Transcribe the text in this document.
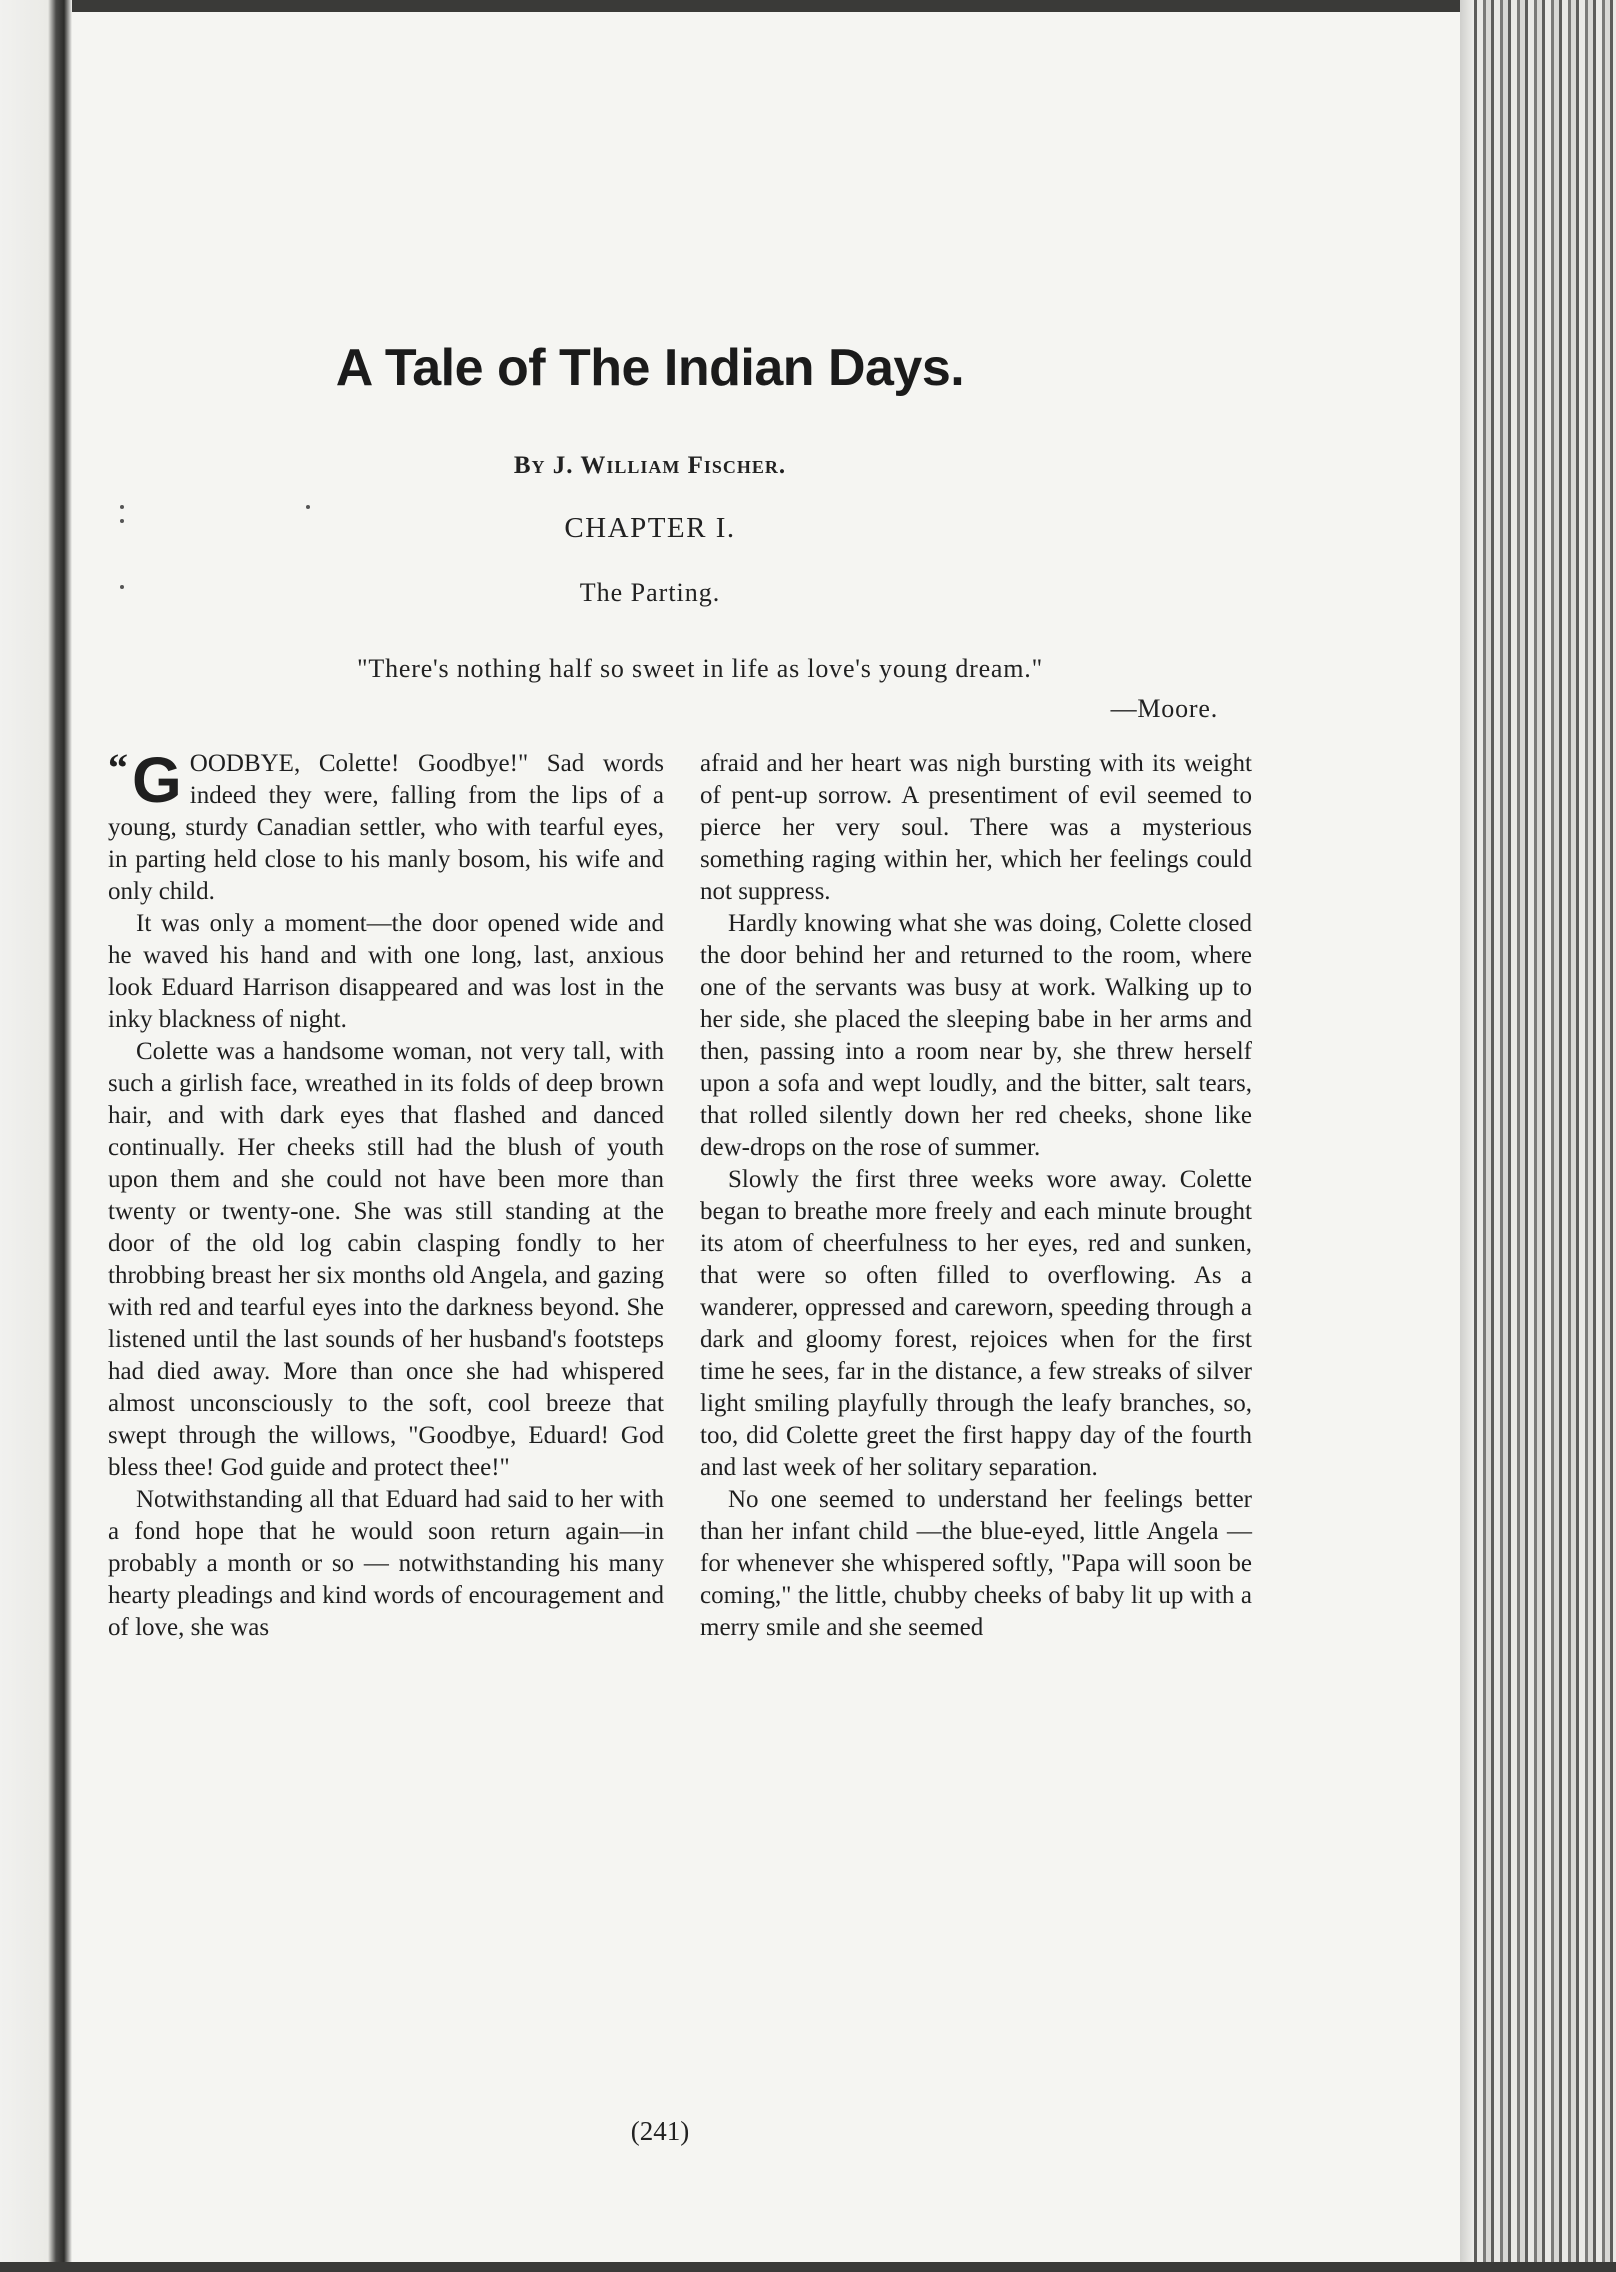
A Tale of The Indian Days.
By J. William Fischer.
CHAPTER I.
The Parting.
"There's nothing half so sweet in life as love's young dream."
—Moore.

“ G OODBYE, Colette! Goodbye!" Sad words indeed they were, falling from the lips of a young, sturdy Canadian settler, who with tearful eyes, in parting held close to his manly bosom, his wife and only child.

It was only a moment—the door opened wide and he waved his hand and with one long, last, anxious look Eduard Harrison disappeared and was lost in the inky blackness of night.

Colette was a handsome woman, not very tall, with such a girlish face, wreathed in its folds of deep brown hair, and with dark eyes that flashed and danced continually. Her cheeks still had the blush of youth upon them and she could not have been more than twenty or twenty-one. She was still standing at the door of the old log cabin clasping fondly to her throbbing breast her six months old Angela, and gazing with red and tearful eyes into the darkness beyond. She listened until the last sounds of her husband's footsteps had died away. More than once she had whispered almost unconsciously to the soft, cool breeze that swept through the willows, "Goodbye, Eduard! God bless thee! God guide and protect thee!"

Notwithstanding all that Eduard had said to her with a fond hope that he would soon return again—in probably a month or so — notwithstanding his many hearty pleadings and kind words of encouragement and of love, she was

afraid and her heart was nigh bursting with its weight of pent-up sorrow. A presentiment of evil seemed to pierce her very soul. There was a mysterious something raging within her, which her feelings could not suppress.

Hardly knowing what she was doing, Colette closed the door behind her and returned to the room, where one of the servants was busy at work. Walking up to her side, she placed the sleeping babe in her arms and then, passing into a room near by, she threw herself upon a sofa and wept loudly, and the bitter, salt tears, that rolled silently down her red cheeks, shone like dew-drops on the rose of summer.

Slowly the first three weeks wore away. Colette began to breathe more freely and each minute brought its atom of cheerfulness to her eyes, red and sunken, that were so often filled to overflowing. As a wanderer, oppressed and careworn, speeding through a dark and gloomy forest, rejoices when for the first time he sees, far in the distance, a few streaks of silver light smiling playfully through the leafy branches, so, too, did Colette greet the first happy day of the fourth and last week of her solitary separation.

No one seemed to understand her feelings better than her infant child —the blue-eyed, little Angela — for whenever she whispered softly, "Papa will soon be coming," the little, chubby cheeks of baby lit up with a merry smile and she seemed

(241)
